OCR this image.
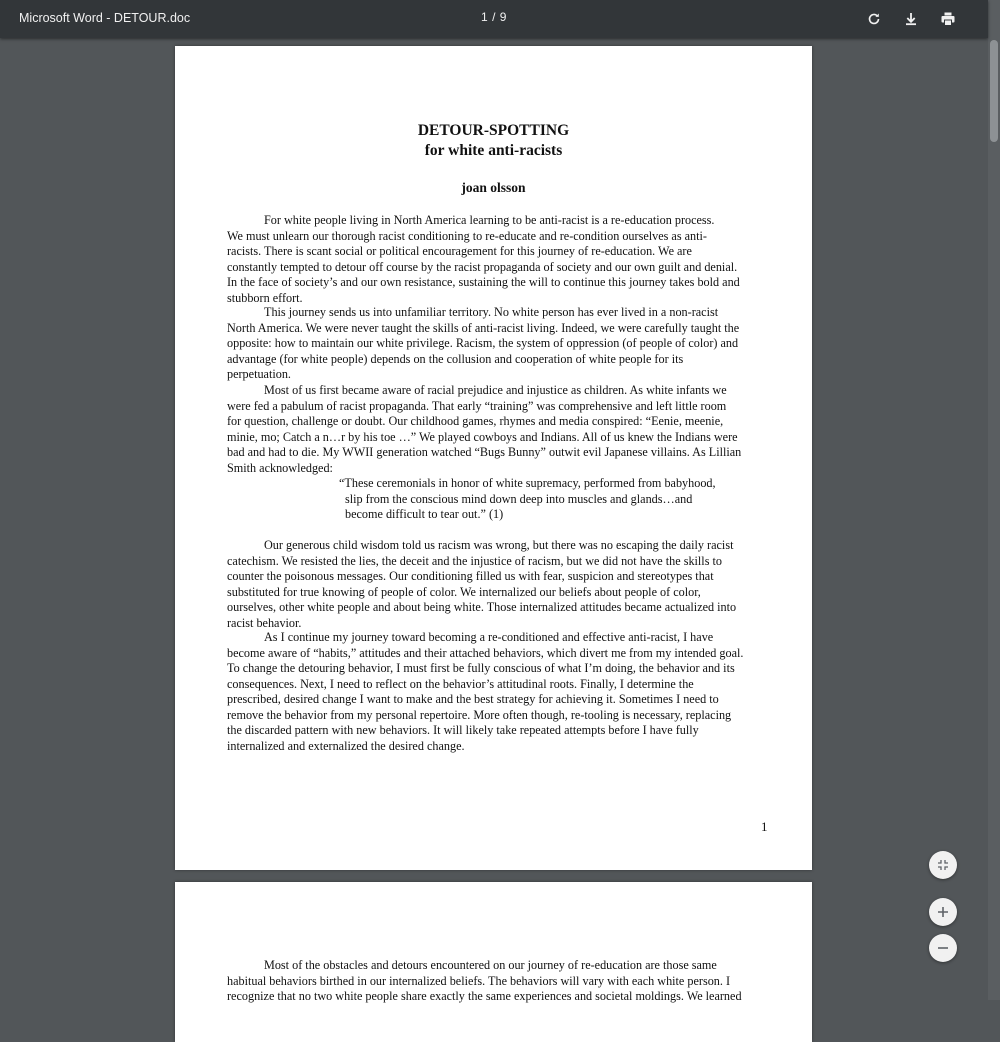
Microsoft Word - DETOUR.doc	1 / 9
DETOUR-SPOTTING
for white anti-racists
joan olsson
For white people living in North America learning to be anti-racist is a re-education process.
We must unlearn our thorough racist conditioning to re-educate and re-condition ourselves as anti-
racists. There is scant social or political encouragement for this journey of re-education. We are
constantly tempted to detour off course by the racist propaganda of society and our own guilt and denial.
In the face of society’s and our own resistance, sustaining the will to continue this journey takes bold and
stubborn effort.
This journey sends us into unfamiliar territory. No white person has ever lived in a non-racist
North America. We were never taught the skills of anti-racist living. Indeed, we were carefully taught the
opposite: how to maintain our white privilege. Racism, the system of oppression (of people of color) and
advantage (for white people) depends on the collusion and cooperation of white people for its
perpetuation.
Most of us first became aware of racial prejudice and injustice as children. As white infants we
were fed a pabulum of racist propaganda. That early “training” was comprehensive and left little room
for question, challenge or doubt. Our childhood games, rhymes and media conspired: “Eenie, meenie,
minie, mo; Catch a n…r by his toe …” We played cowboys and Indians. All of us knew the Indians were
bad and had to die. My WWII generation watched “Bugs Bunny” outwit evil Japanese villains. As Lillian
Smith acknowledged:
“These ceremonials in honor of white supremacy, performed from babyhood,
slip from the conscious mind down deep into muscles and glands…and
become difficult to tear out.” (1)
Our generous child wisdom told us racism was wrong, but there was no escaping the daily racist
catechism. We resisted the lies, the deceit and the injustice of racism, but we did not have the skills to
counter the poisonous messages. Our conditioning filled us with fear, suspicion and stereotypes that
substituted for true knowing of people of color. We internalized our beliefs about people of color,
ourselves, other white people and about being white. Those internalized attitudes became actualized into
racist behavior.
As I continue my journey toward becoming a re-conditioned and effective anti-racist, I have
become aware of “habits,” attitudes and their attached behaviors, which divert me from my intended goal.
To change the detouring behavior, I must first be fully conscious of what I’m doing, the behavior and its
consequences. Next, I need to reflect on the behavior’s attitudinal roots. Finally, I determine the
prescribed, desired change I want to make and the best strategy for achieving it. Sometimes I need to
remove the behavior from my personal repertoire. More often though, re-tooling is necessary, replacing
the discarded pattern with new behaviors. It will likely take repeated attempts before I have fully
internalized and externalized the desired change.
1
Most of the obstacles and detours encountered on our journey of re-education are those same
habitual behaviors birthed in our internalized beliefs. The behaviors will vary with each white person. I
recognize that no two white people share exactly the same experiences and societal moldings. We learned
